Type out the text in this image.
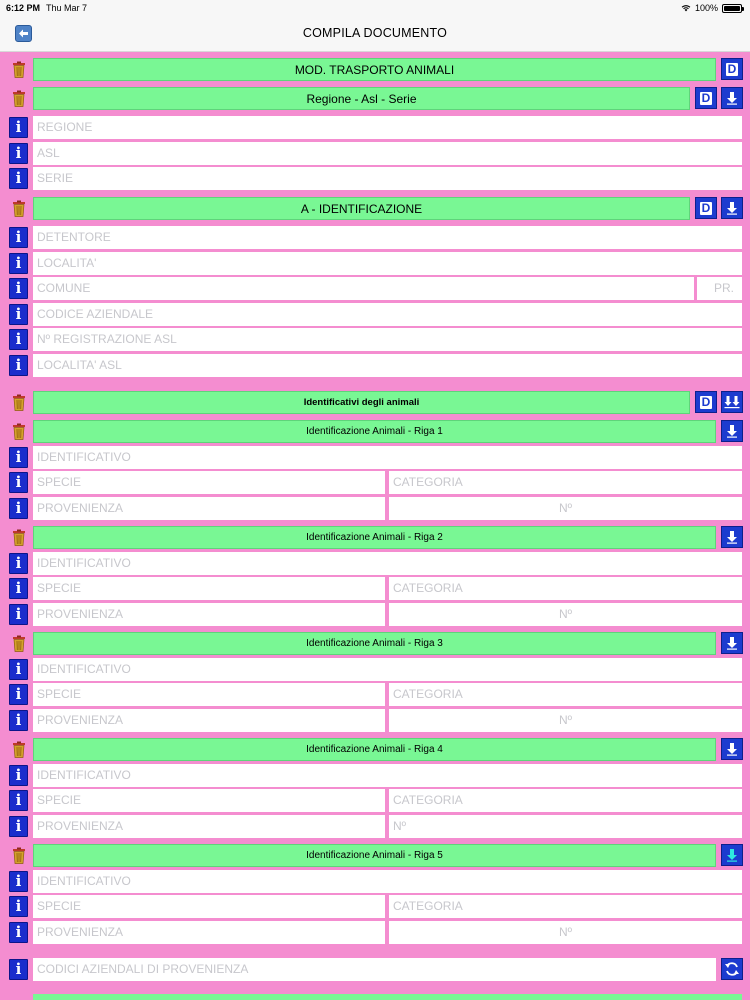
6:12 PM Thu Mar 7	100%
COMPILA DOCUMENTO
MOD. TRASPORTO ANIMALI	D
Regione - Asl - Serie	D
i	REGIONE
i	ASL
i	SERIE
A - IDENTIFICAZIONE	D
i	DETENTORE
i	LOCALITA'
i	COMUNE	PR.
i	CODICE AZIENDALE
i	Nº REGISTRAZIONE ASL
i	LOCALITA' ASL
Identificativi degli animali	D
Identificazione Animali - Riga 1
i	IDENTIFICATIVO
i	SPECIE	CATEGORIA
i	PROVENIENZA	Nº
Identificazione Animali - Riga 2
i	IDENTIFICATIVO
i	SPECIE	CATEGORIA
i	PROVENIENZA	Nº
Identificazione Animali - Riga 3
i	IDENTIFICATIVO
i	SPECIE	CATEGORIA
i	PROVENIENZA	Nº
Identificazione Animali - Riga 4
i	IDENTIFICATIVO
i	SPECIE	CATEGORIA
i	PROVENIENZA	Nº
Identificazione Animali - Riga 5
i	IDENTIFICATIVO
i	SPECIE	CATEGORIA
i	PROVENIENZA	Nº
i	CODICI AZIENDALI DI PROVENIENZA
